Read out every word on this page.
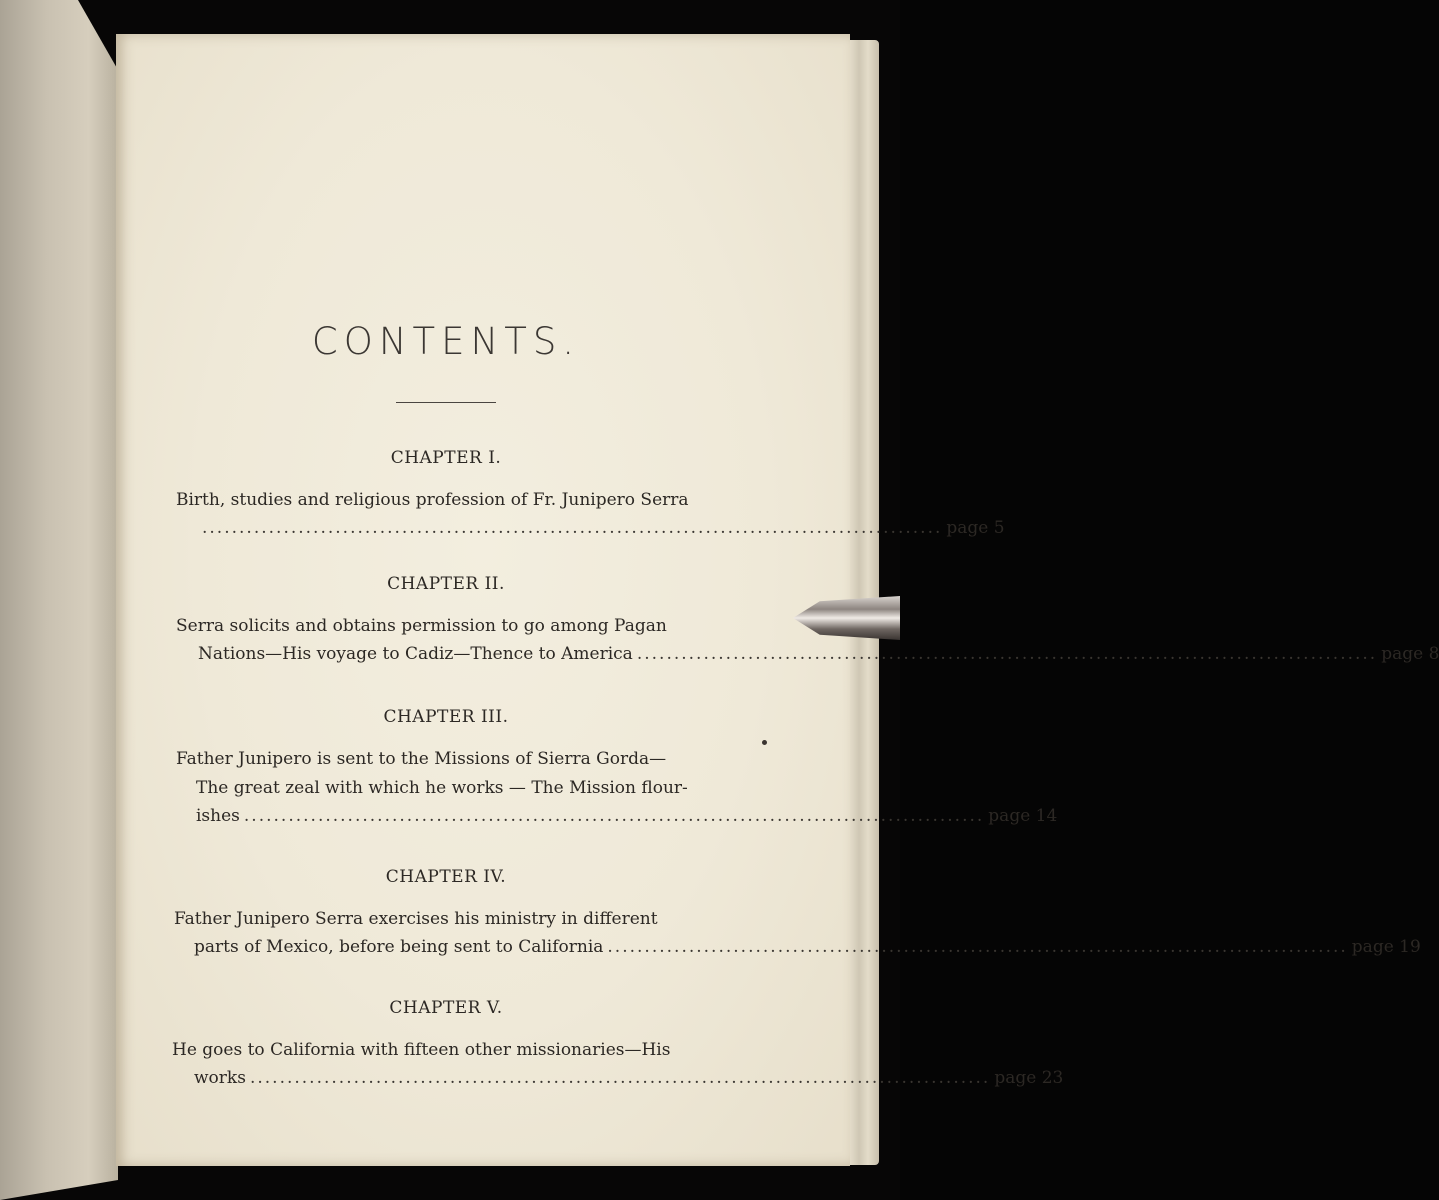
CONTENTS.
CHAPTER I.
Birth, studies and religious profession of Fr. Junipero Serra
.................................................................................................... page 5
CHAPTER II.
Serra solicits and obtains permission to go among Pagan
Nations—His voyage to Cadiz—Thence to America .................................................................................................... page 8
CHAPTER III.
Father Junipero is sent to the Missions of Sierra Gorda—
The great zeal with which he works — The Mission flour-
ishes .................................................................................................... page 14
CHAPTER IV.
Father Junipero Serra exercises his ministry in different
parts of Mexico, before being sent to California .................................................................................................... page 19
CHAPTER V.
He goes to California with fifteen other missionaries—His
works .................................................................................................... page 23
